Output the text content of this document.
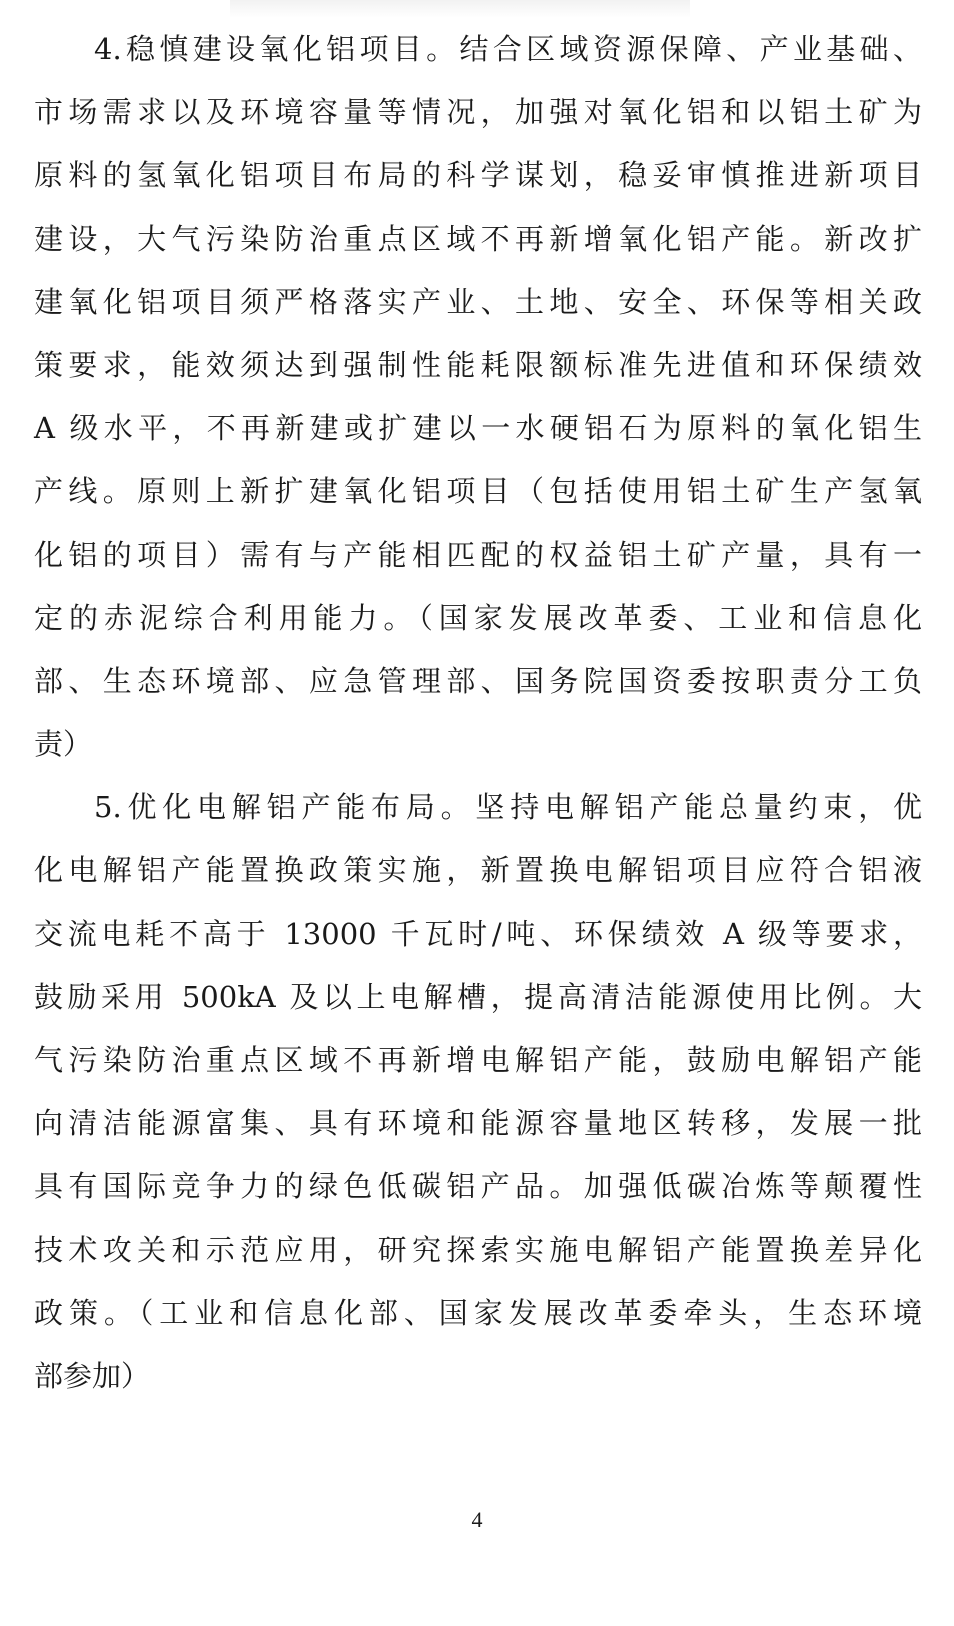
4.稳慎建设氧化铝项目。结合区域资源保障、产业基础、
市场需求以及环境容量等情况，加强对氧化铝和以铝土矿为
原料的氢氧化铝项目布局的科学谋划，稳妥审慎推进新项目
建设，大气污染防治重点区域不再新增氧化铝产能。新改扩
建氧化铝项目须严格落实产业、土地、安全、环保等相关政
策要求，能效须达到强制性能耗限额标准先进值和环保绩效
A 级水平，不再新建或扩建以一水硬铝石为原料的氧化铝生
产线。原则上新扩建氧化铝项目（包括使用铝土矿生产氢氧
化铝的项目）需有与产能相匹配的权益铝土矿产量，具有一
定的赤泥综合利用能力。（国家发展改革委、工业和信息化
部、生态环境部、应急管理部、国务院国资委按职责分工负
责）
5.优化电解铝产能布局。坚持电解铝产能总量约束，优
化电解铝产能置换政策实施，新置换电解铝项目应符合铝液
交流电耗不高于 13000 千瓦时/吨、环保绩效 A 级等要求，
鼓励采用 500kA 及以上电解槽，提高清洁能源使用比例。大
气污染防治重点区域不再新增电解铝产能，鼓励电解铝产能
向清洁能源富集、具有环境和能源容量地区转移，发展一批
具有国际竞争力的绿色低碳铝产品。加强低碳冶炼等颠覆性
技术攻关和示范应用，研究探索实施电解铝产能置换差异化
政策。（工业和信息化部、国家发展改革委牵头，生态环境
部参加）
4
